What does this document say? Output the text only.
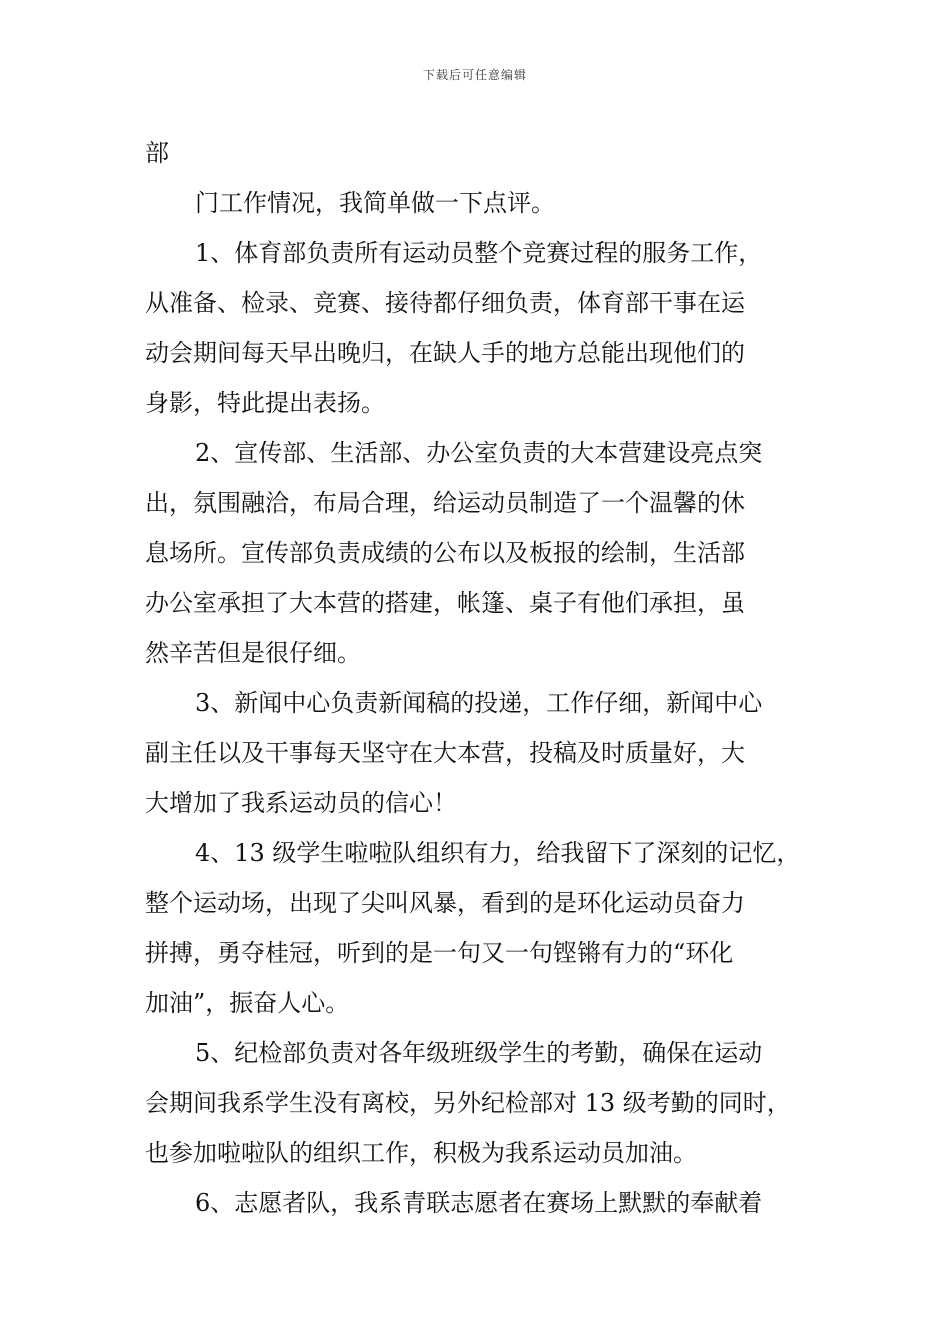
下载后可任意编辑
部
门工作情况，我简单做一下点评。
1、体育部负责所有运动员整个竞赛过程的服务工作，
从准备、检录、竞赛、接待都仔细负责，体育部干事在运
动会期间每天早出晚归，在缺人手的地方总能出现他们的
身影，特此提出表扬。
2、宣传部、生活部、办公室负责的大本营建设亮点突
出，氛围融洽，布局合理，给运动员制造了一个温馨的休
息场所。宣传部负责成绩的公布以及板报的绘制，生活部
办公室承担了大本营的搭建，帐篷、桌子有他们承担，虽
然辛苦但是很仔细。
3、新闻中心负责新闻稿的投递，工作仔细，新闻中心
副主任以及干事每天坚守在大本营，投稿及时质量好，大
大增加了我系运动员的信心！
4、13 级学生啦啦队组织有力，给我留下了深刻的记忆，
整个运动场，出现了尖叫风暴，看到的是环化运动员奋力
拼搏，勇夺桂冠，听到的是一句又一句铿锵有力的“环化
加油”，振奋人心。
5、纪检部负责对各年级班级学生的考勤，确保在运动
会期间我系学生没有离校，另外纪检部对 13 级考勤的同时，
也参加啦啦队的组织工作，积极为我系运动员加油。
6、志愿者队，我系青联志愿者在赛场上默默的奉献着
